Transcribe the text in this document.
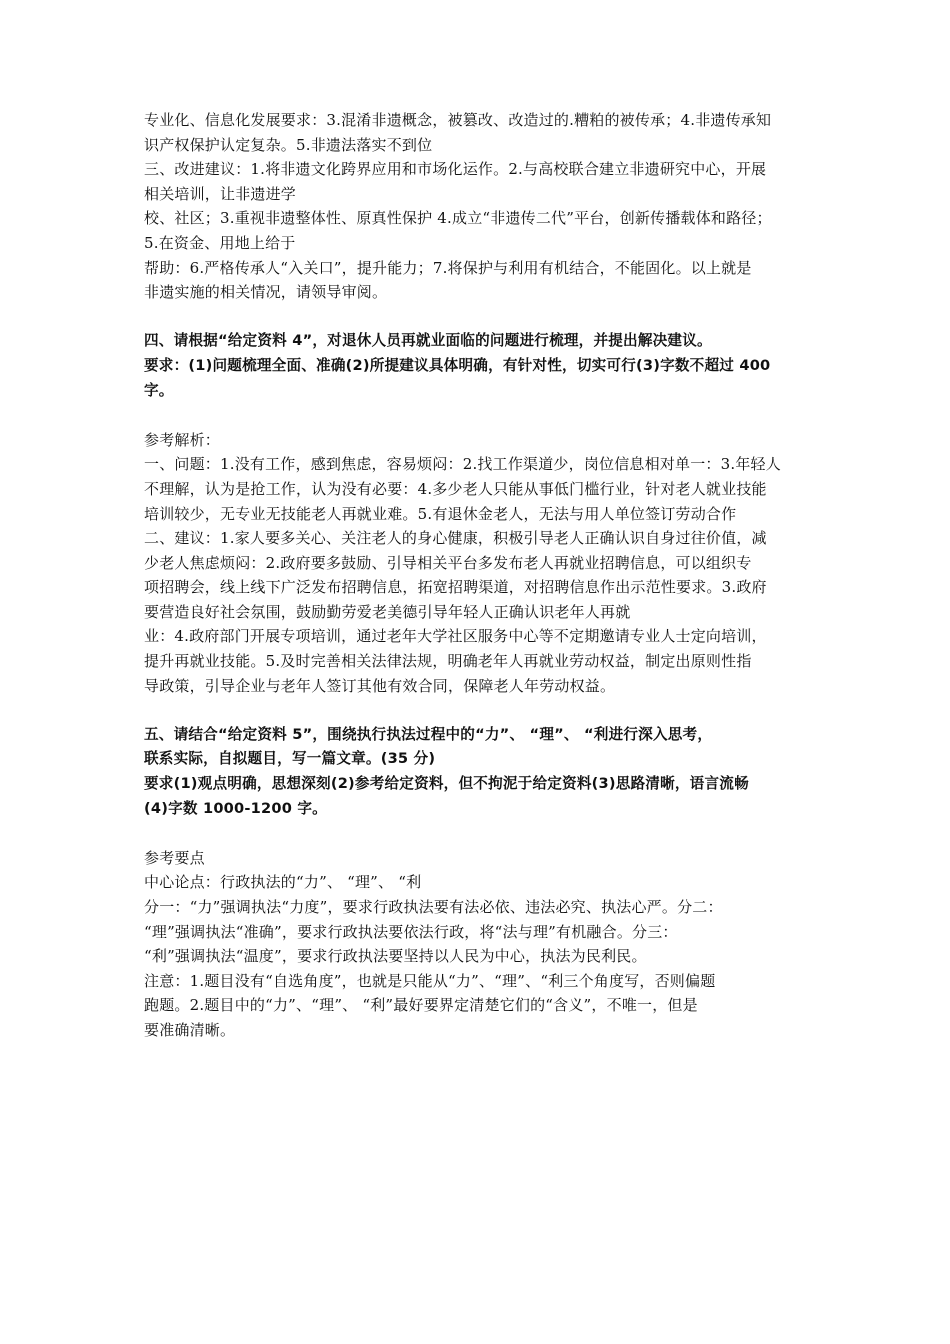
专业化、信息化发展要求：3.混淆非遗概念，被篡改、改造过的.糟粕的被传承；4.非遗传承知
识产权保护认定复杂。5.非遗法落实不到位
三、改进建议：1.将非遗文化跨界应用和市场化运作。2.与高校联合建立非遗研究中心，开展
相关培训，让非遗进学
校、社区；3.重视非遗整体性、原真性保护 4.成立“非遗传二代”平台，创新传播载体和路径；
5.在资金、用地上给于
帮助：6.严格传承人“入关口”，提升能力；7.将保护与利用有机结合，不能固化。以上就是
非遗实施的相关情况，请领导审阅。
四、请根据“给定资料 4”，对退休人员再就业面临的问题进行梳理，并提出解决建议。
要求：(1)问题梳理全面、准确(2)所提建议具体明确，有针对性，切实可行(3)字数不超过 400
字。
参考解析：
一、问题：1.没有工作，感到焦虑，容易烦闷：2.找工作渠道少，岗位信息相对单一：3.年轻人
不理解，认为是抢工作，认为没有必要：4.多少老人只能从事低门槛行业，针对老人就业技能
培训较少，无专业无技能老人再就业难。5.有退休金老人，无法与用人单位签订劳动合作
二、建议：1.家人要多关心、关注老人的身心健康，积极引导老人正确认识自身过往价值，减
少老人焦虑烦闷：2.政府要多鼓励、引导相关平台多发布老人再就业招聘信息，可以组织专
项招聘会，线上线下广泛发布招聘信息，拓宽招聘渠道，对招聘信息作出示范性要求。3.政府
要营造良好社会氛围，鼓励勤劳爱老美德引导年轻人正确认识老年人再就
业：4.政府部门开展专项培训，通过老年大学社区服务中心等不定期邀请专业人士定向培训，
提升再就业技能。5.及时完善相关法律法规，明确老年人再就业劳动权益，制定出原则性指
导政策，引导企业与老年人签订其他有效合同，保障老人年劳动权益。
五、请结合“给定资料 5”，围绕执行执法过程中的“力”、 “理”、 “利进行深入思考，
联系实际，自拟题目，写一篇文章。(35 分)
要求(1)观点明确，思想深刻(2)参考给定资料，但不拘泥于给定资料(3)思路清晰，语言流畅
(4)字数 1000-1200 字。
参考要点
中心论点：行政执法的“力”、 “理”、 “利
分一：“力”强调执法“力度”，要求行政执法要有法必依、违法必究、执法心严。分二：
“理”强调执法“准确”，要求行政执法要依法行政，将“法与理”有机融合。分三：
“利”强调执法“温度”，要求行政执法要坚持以人民为中心，执法为民利民。
注意：1.题目没有“自选角度”，也就是只能从“力”、“理”、“利三个角度写，否则偏题
跑题。2.题目中的“力”、“理”、 “利”最好要界定清楚它们的“含义”，不唯一，但是
要准确清晰。
